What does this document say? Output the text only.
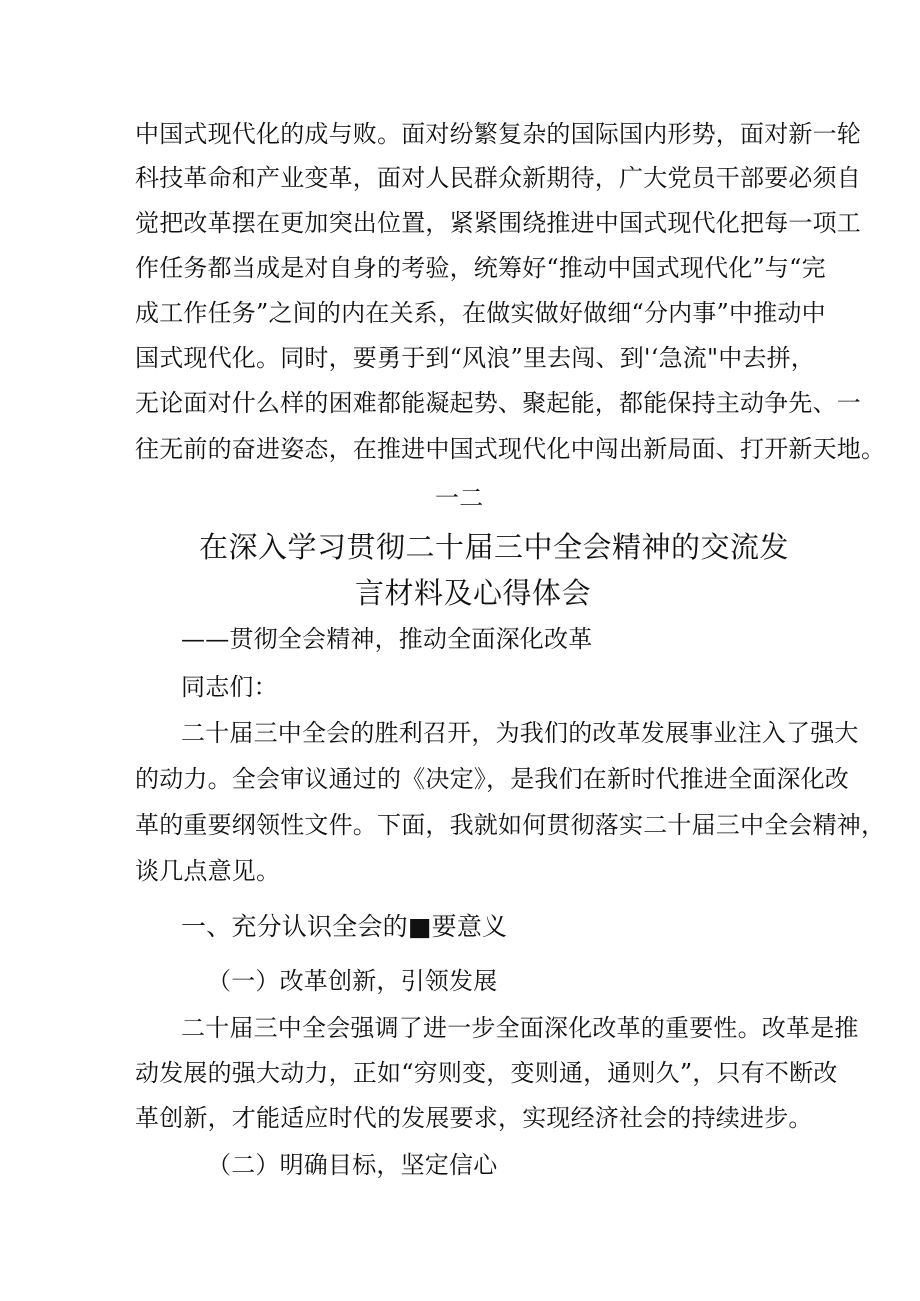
中国式现代化的成与败。面对纷繁复杂的国际国内形势，面对新一轮
科技革命和产业变革，面对人民群众新期待，广大党员干部要必须自
觉把改革摆在更加突出位置，紧紧围绕推进中国式现代化把每一项工
作任务都当成是对自身的考验，统筹好“推动中国式现代化”与“完
成工作任务”之间的内在关系，在做实做好做细“分内事”中推动中
国式现代化。同时，要勇于到“风浪”里去闯、到'‘急流"中去拼，
无论面对什么样的困难都能凝起势、聚起能，都能保持主动争先、一
往无前的奋进姿态，在推进中国式现代化中闯出新局面、打开新天地。
一二
在深入学习贯彻二十届三中全会精神的交流发
言材料及心得体会
——贯彻全会精神，推动全面深化改革
同志们：
二十届三中全会的胜利召开，为我们的改革发展事业注入了强大
的动力。全会审议通过的《决定》，是我们在新时代推进全面深化改
革的重要纲领性文件。下面，我就如何贯彻落实二十届三中全会精神，
谈几点意见。
一、充分认识全会的■要意义
（一）改革创新，引领发展
二十届三中全会强调了进一步全面深化改革的重要性。改革是推
动发展的强大动力，正如“穷则变，变则通，通则久”，只有不断改
革创新，才能适应时代的发展要求，实现经济社会的持续进步。
（二）明确目标，坚定信心
